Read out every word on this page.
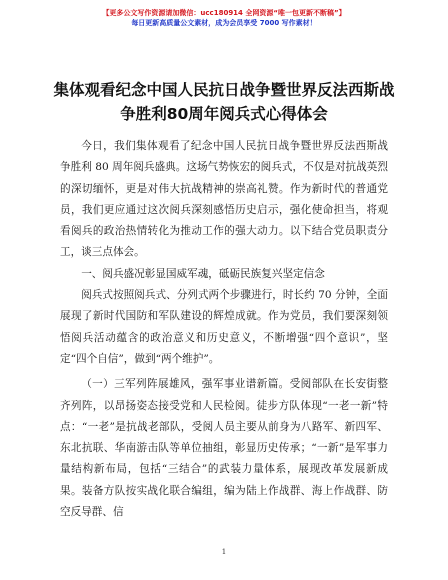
【更多公文写作资源请加微信：ucc180914 全网资源“唯一包更新不断稿”】
每日更新高质量公文素材，成为会员享受 7000 写作素材！
集体观看纪念中国人民抗日战争暨世界反法西斯战争胜利80周年阅兵式心得体会

今日，我们集体观看了纪念中国人民抗日战争暨世界反法西斯战争胜利 80 周年阅兵盛典。这场气势恢宏的阅兵式，不仅是对抗战英烈的深切缅怀，更是对伟大抗战精神的崇高礼赞。作为新时代的普通党员，我们更应通过这次阅兵深刻感悟历史启示，强化使命担当，将观看阅兵的政治热情转化为推动工作的强大动力。以下结合党员职责分工，谈三点体会。

一、阅兵盛况彰显国威军魂，砥砺民族复兴坚定信念

阅兵式按照阅兵式、分列式两个步骤进行，时长约 70 分钟，全面展现了新时代国防和军队建设的辉煌成就。作为党员，我们要深刻领悟阅兵活动蕴含的政治意义和历史意义，不断增强“四个意识”，坚定“四个自信”，做到“两个维护”。

（一）三军列阵展雄风，强军事业谱新篇。受阅部队在长安街整齐列阵，以昂扬姿态接受党和人民检阅。徒步方队体现“一老一新”特点：“一老”是抗战老部队，受阅人员主要从前身为八路军、新四军、东北抗联、华南游击队等单位抽组，彰显历史传承；“一新”是军事力量结构新布局，包括“三结合”的武装力量体系，展现改革发展新成果。装备方队按实战化联合编组，编为陆上作战群、海上作战群、防空反导群、信

1
